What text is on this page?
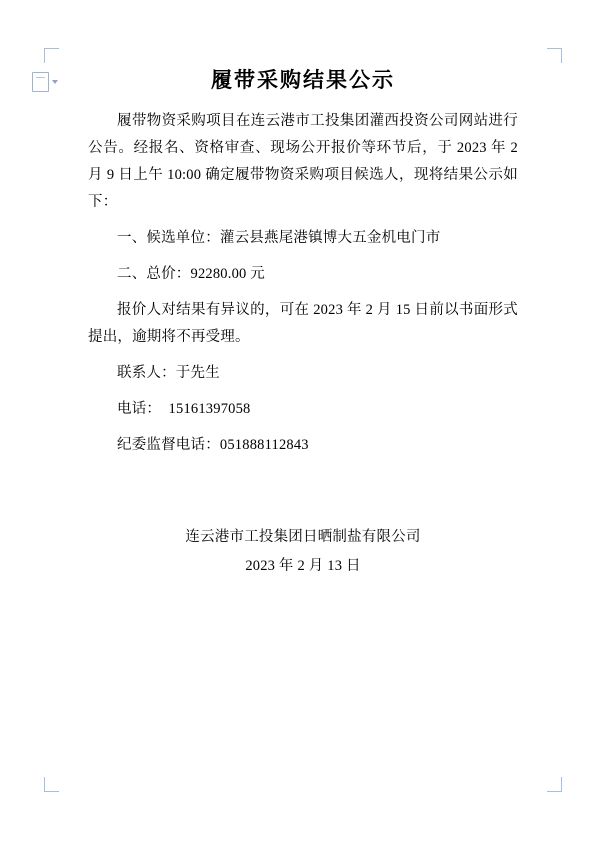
履带采购结果公示

履带物资采购项目在连云港市工投集团灌西投资公司网站进行公告。经报名、资格审查、现场公开报价等环节后，于 2023 年 2 月 9 日上午 10:00 确定履带物资采购项目候选人，现将结果公示如下：

一、候选单位：灌云县燕尾港镇博大五金机电门市

二、总价：92280.00 元

报价人对结果有异议的，可在 2023 年 2 月 15 日前以书面形式提出，逾期将不再受理。

联系人：于先生

电话：　15161397058

纪委监督电话：051888112843

连云港市工投集团日晒制盐有限公司
2023 年 2 月 13 日
